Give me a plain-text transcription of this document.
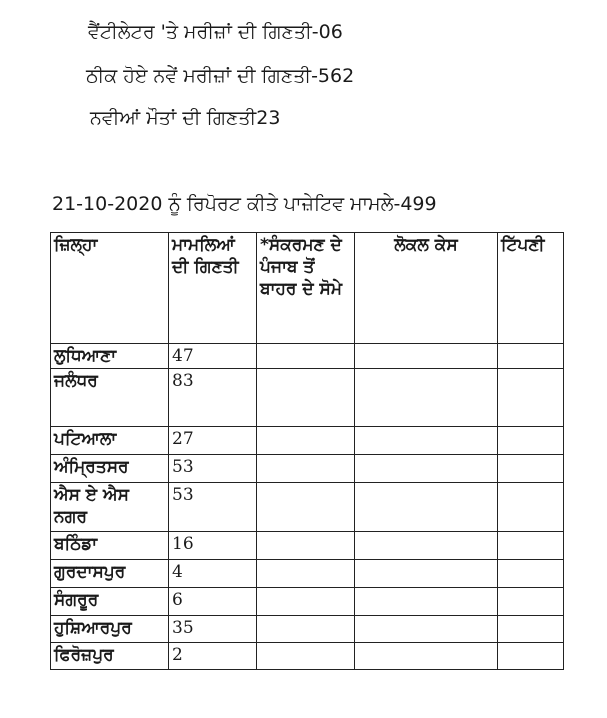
ਵੈਂਟੀਲੇਟਰ 'ਤੇ ਮਰੀਜ਼ਾਂ ਦੀ ਗਿਣਤੀ-06
ਠੀਕ ਹੋਏ ਨਵੇਂ ਮਰੀਜ਼ਾਂ ਦੀ ਗਿਣਤੀ-562
ਨਵੀਆਂ ਮੌਤਾਂ ਦੀ ਗਿਣਤੀ23
21-10-2020 ਨੂੰ ਰਿਪੋਰਟ ਕੀਤੇ ਪਾਜ਼ੇਟਿਵ ਮਾਮਲੇ-499
ਜ਼ਿਲ੍ਹਾ	ਮਾਮਲਿਆਂ ਦੀ ਗਿਣਤੀ	*ਸੰਕਰਮਣ ਦੇ ਪੰਜਾਬ ਤੋਂ ਬਾਹਰ ਦੇ ਸੋਮੇ	ਲੋਕਲ ਕੇਸ	ਟਿੱਪਣੀ
ਲੁਧਿਆਣਾ	47			
ਜਲੰਧਰ	83			
ਪਟਿਆਲਾ	27			
ਅੰਮ੍ਰਿਤਸਰ	53			
ਐਸ ਏ ਐਸ ਨਗਰ	53			
ਬਠਿੰਡਾ	16			
ਗੁਰਦਾਸਪੁਰ	4			
ਸੰਗਰੂਰ	6			
ਹੁਸ਼ਿਆਰਪੁਰ	35			
ਫਿਰੋਜ਼ਪੁਰ	2			
